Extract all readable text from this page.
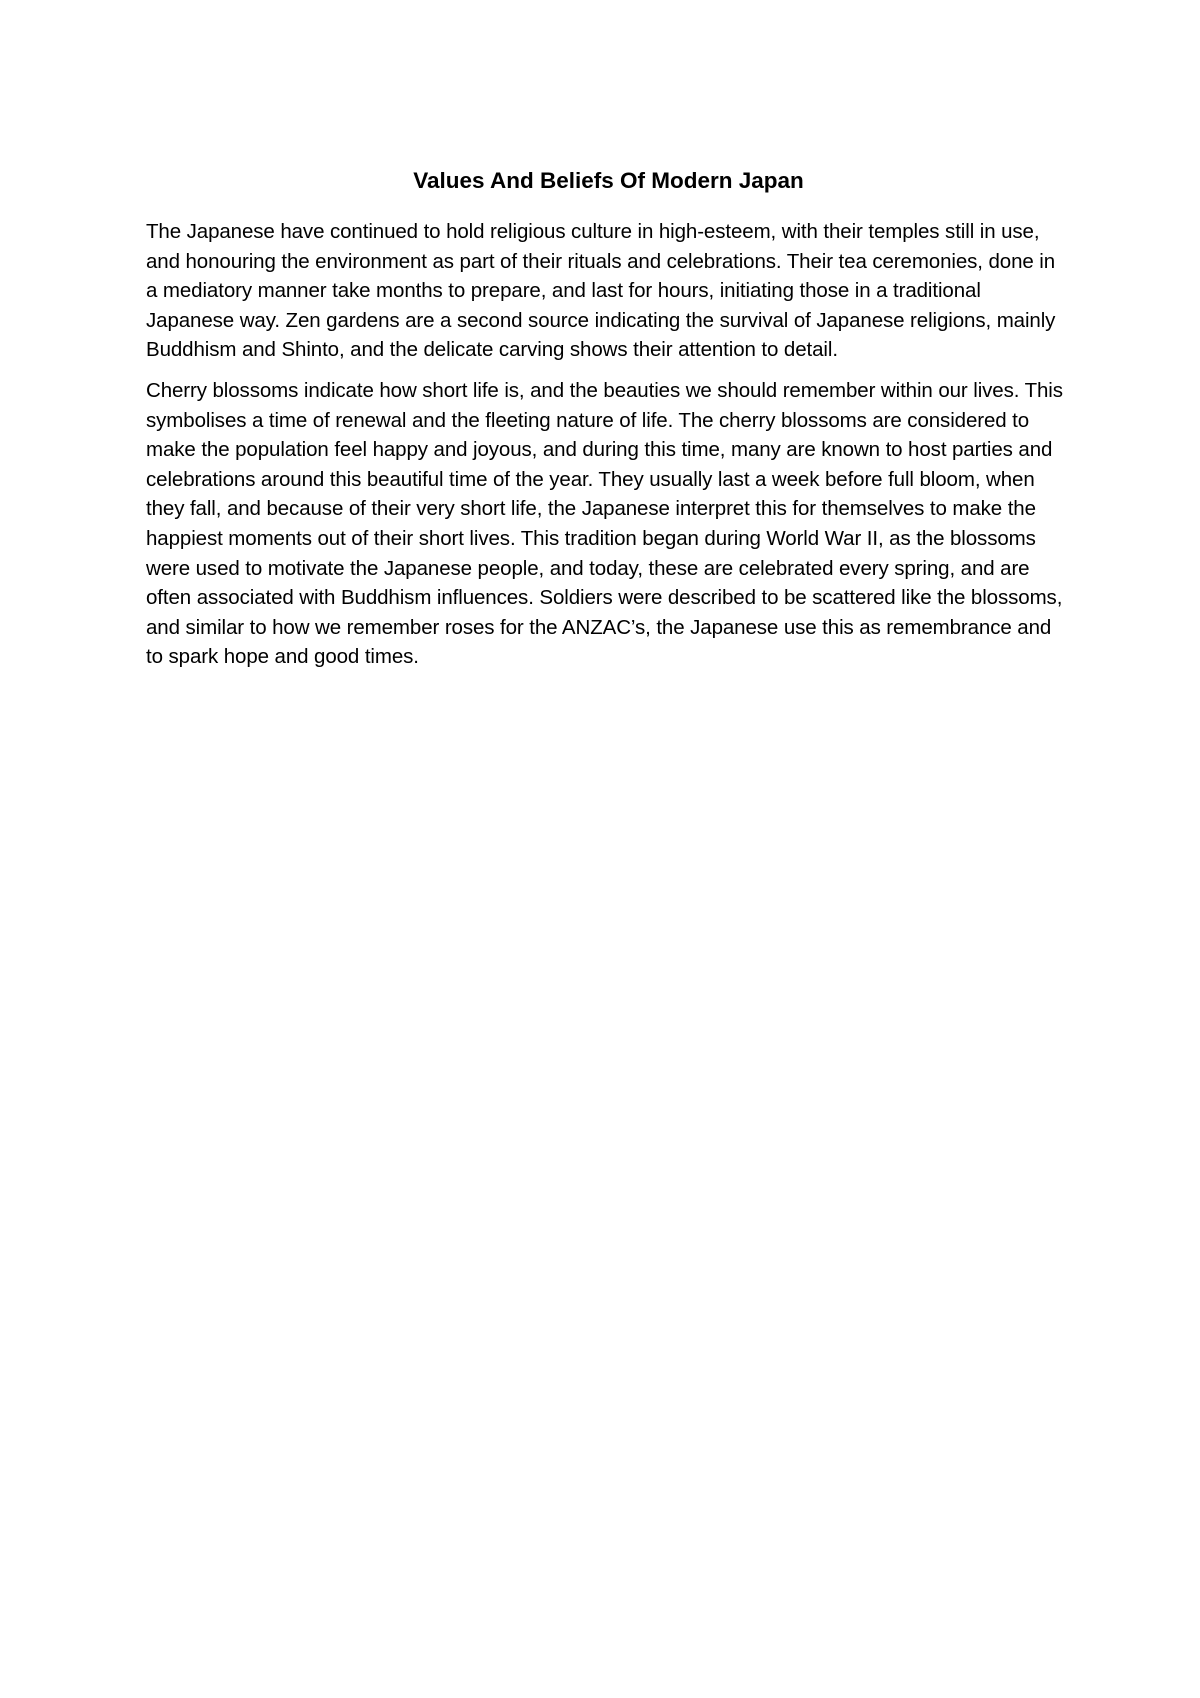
Values And Beliefs Of Modern Japan

The Japanese have continued to hold religious culture in high-esteem, with their temples still in use, and honouring the environment as part of their rituals and celebrations. Their tea ceremonies, done in a mediatory manner take months to prepare, and last for hours, initiating those in a traditional Japanese way. Zen gardens are a second source indicating the survival of Japanese religions, mainly Buddhism and Shinto, and the delicate carving shows their attention to detail.

Cherry blossoms indicate how short life is, and the beauties we should remember within our lives. This symbolises a time of renewal and the fleeting nature of life. The cherry blossoms are considered to make the population feel happy and joyous, and during this time, many are known to host parties and celebrations around this beautiful time of the year. They usually last a week before full bloom, when they fall, and because of their very short life, the Japanese interpret this for themselves to make the happiest moments out of their short lives. This tradition began during World War II, as the blossoms were used to motivate the Japanese people, and today, these are celebrated every spring, and are often associated with Buddhism influences. Soldiers were described to be scattered like the blossoms, and similar to how we remember roses for the ANZAC’s, the Japanese use this as remembrance and to spark hope and good times.
